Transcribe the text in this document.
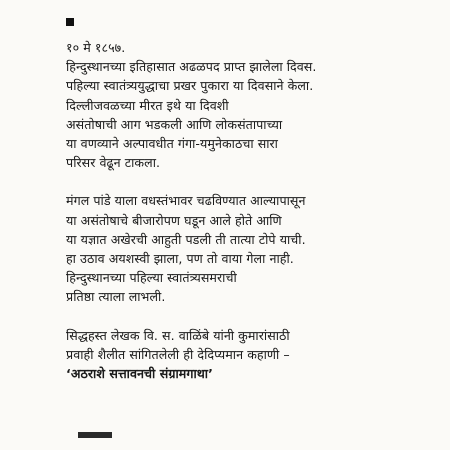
१० मे १८५७.
हिन्दुस्थानच्या इतिहासात अढळपद प्राप्त झालेला दिवस.
पहिल्या स्वातंत्र्ययुद्धाचा प्रखर पुकारा या दिवसाने केला.
दिल्लीजवळच्या मीरत इथे या दिवशी
असंतोषाची आग भडकली आणि लोकसंतापाच्या
या वणव्याने अल्पावधीत गंगा-यमुनेकाठचा सारा
परिसर वेढून टाकला.
मंगल पांडे याला वधस्तंभावर चढविण्यात आल्यापासून
या असंतोषाचे बीजारोपण घडून आले होते आणि
या यज्ञात अखेरची आहुती पडली ती तात्या टोपे याची.
हा उठाव अयशस्वी झाला, पण तो वाया गेला नाही.
हिन्दुस्थानच्या पहिल्या स्वातंत्र्यसमराची
प्रतिष्ठा त्याला लाभली.
सिद्धहस्त लेखक वि. स. वाळिंबे यांनी कुमारांसाठी
प्रवाही शैलीत सांगितलेली ही देदिप्यमान कहाणी –
‘अठराशे सत्तावनची संग्रामगाथा’
